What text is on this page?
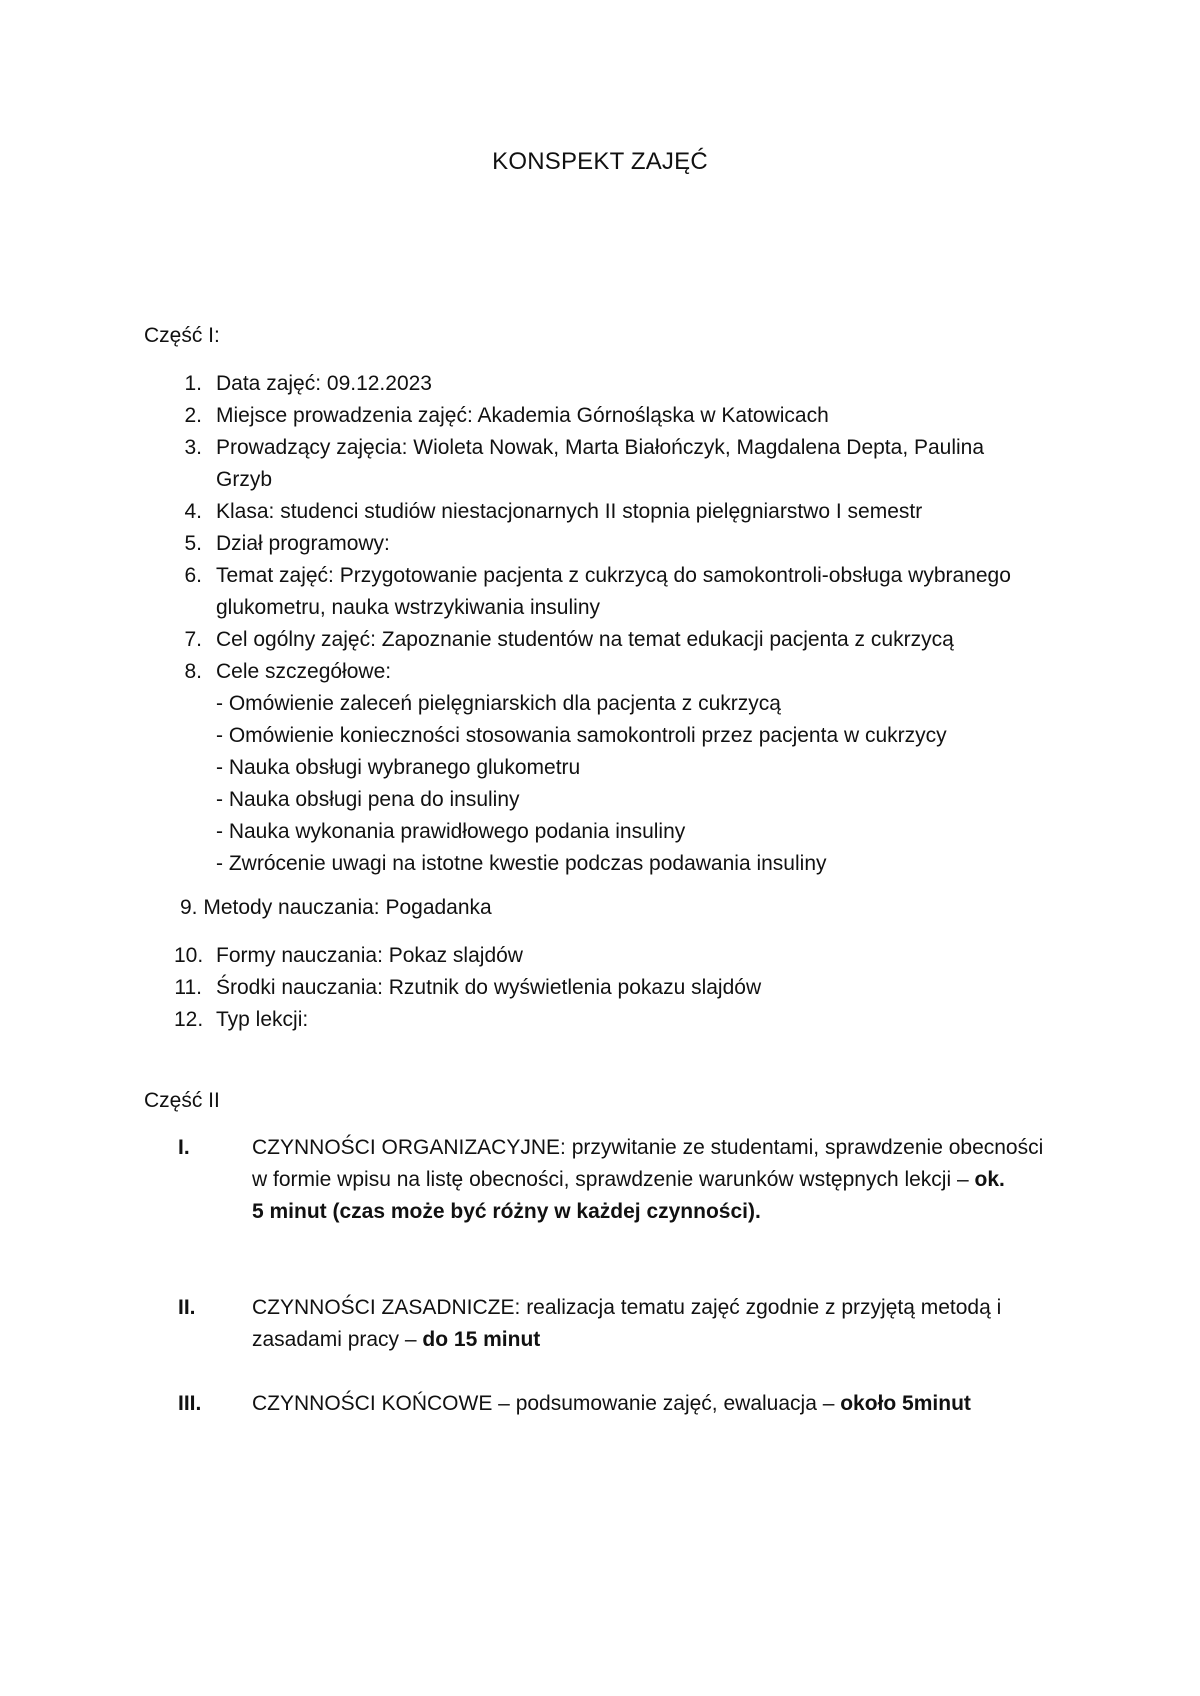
KONSPEKT ZAJĘĆ
Część I:
1. Data zajęć: 09.12.2023
2. Miejsce prowadzenia zajęć: Akademia Górnośląska w Katowicach
3. Prowadzący zajęcia: Wioleta Nowak, Marta Białończyk, Magdalena Depta, Paulina
Grzyb
4. Klasa: studenci studiów niestacjonarnych II stopnia pielęgniarstwo I semestr
5. Dział programowy:
6. Temat zajęć: Przygotowanie pacjenta z cukrzycą do samokontroli-obsługa wybranego
glukometru, nauka wstrzykiwania insuliny
7. Cel ogólny zajęć: Zapoznanie studentów na temat edukacji pacjenta z cukrzycą
8. Cele szczegółowe:
- Omówienie zaleceń pielęgniarskich dla pacjenta z cukrzycą
- Omówienie konieczności stosowania samokontroli przez pacjenta w cukrzycy
- Nauka obsługi wybranego glukometru
- Nauka obsługi pena do insuliny
- Nauka wykonania prawidłowego podania insuliny
- Zwrócenie uwagi na istotne kwestie podczas podawania insuliny
9. Metody nauczania: Pogadanka
10. Formy nauczania: Pokaz slajdów
11. Środki nauczania: Rzutnik do wyświetlenia pokazu slajdów
12. Typ lekcji:
Część II
I.	CZYNNOŚCI ORGANIZACYJNE: przywitanie ze studentami, sprawdzenie obecności
w formie wpisu na listę obecności, sprawdzenie warunków wstępnych lekcji – ok.
5 minut (czas może być różny w każdej czynności).
II.	CZYNNOŚCI ZASADNICZE: realizacja tematu zajęć zgodnie z przyjętą metodą i
zasadami pracy – do 15 minut
III. CZYNNOŚCI KOŃCOWE – podsumowanie zajęć, ewaluacja – około 5minut
